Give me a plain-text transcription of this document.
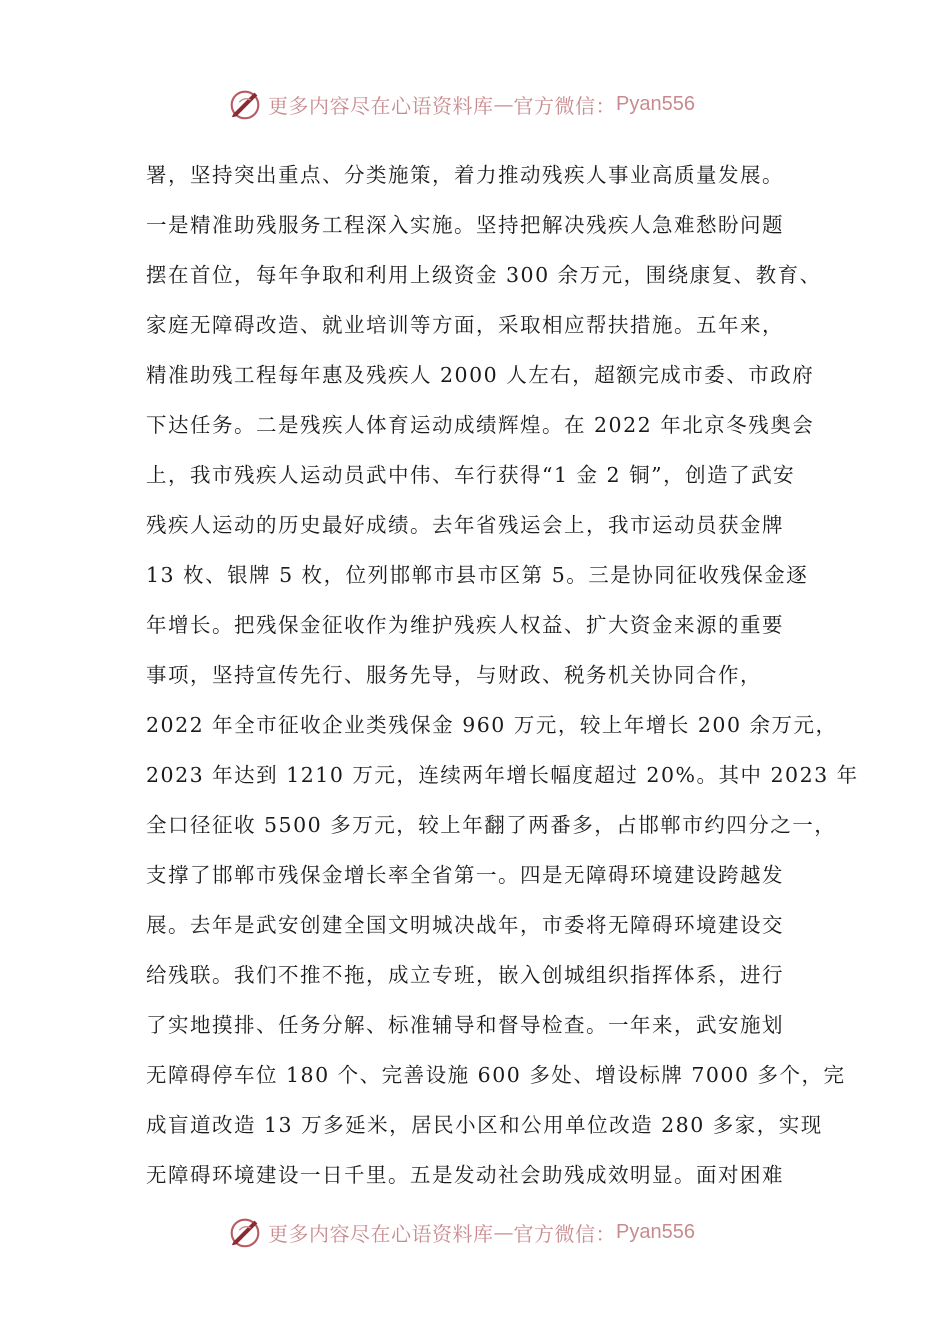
更多内容尽在心语资料库 — 官方微信： Pyan556
署，坚持突出重点、分类施策，着力推动残疾人事业高质量发展。
一是精准助残服务工程深入实施。坚持把解决残疾人急难愁盼问题
摆在首位，每年争取和利用上级资金 300 余万元，围绕康复、教育、
家庭无障碍改造、就业培训等方面，采取相应帮扶措施。五年来，
精准助残工程每年惠及残疾人 2000 人左右，超额完成市委、市政府
下达任务。二是残疾人体育运动成绩辉煌。在 2022 年北京冬残奥会
上，我市残疾人运动员武中伟、车行获得“1 金 2 铜”，创造了武安
残疾人运动的历史最好成绩。去年省残运会上，我市运动员获金牌
13 枚、银牌 5 枚，位列邯郸市县市区第 5。三是协同征收残保金逐
年增长。把残保金征收作为维护残疾人权益、扩大资金来源的重要
事项，坚持宣传先行、服务先导，与财政、税务机关协同合作，
2022 年全市征收企业类残保金 960 万元，较上年增长 200 余万元，
2023 年达到 1210 万元，连续两年增长幅度超过 20%。其中 2023 年
全口径征收 5500 多万元，较上年翻了两番多，占邯郸市约四分之一，
支撑了邯郸市残保金增长率全省第一。四是无障碍环境建设跨越发
展。去年是武安创建全国文明城决战年，市委将无障碍环境建设交
给残联。我们不推不拖，成立专班，嵌入创城组织指挥体系，进行
了实地摸排、任务分解、标准辅导和督导检查。一年来，武安施划
无障碍停车位 180 个、完善设施 600 多处、增设标牌 7000 多个，完
成盲道改造 13 万多延米，居民小区和公用单位改造 280 多家，实现
无障碍环境建设一日千里。五是发动社会助残成效明显。面对困难
更多内容尽在心语资料库 — 官方微信： Pyan556
